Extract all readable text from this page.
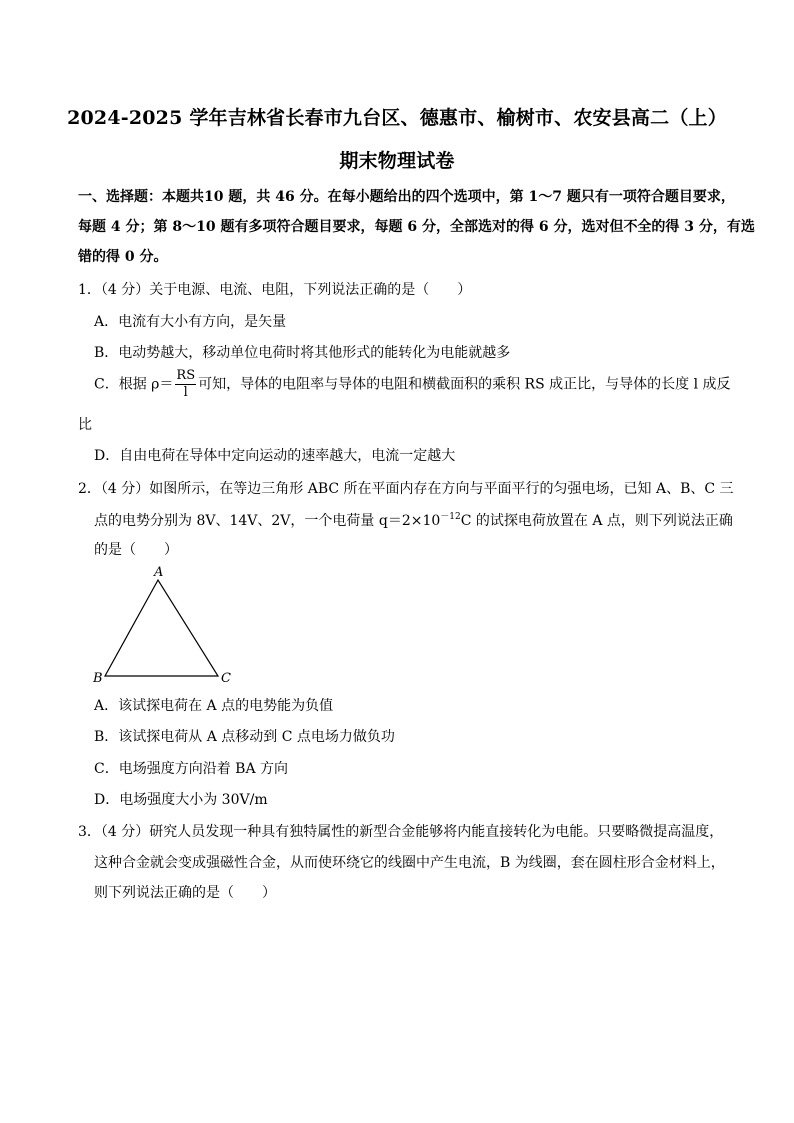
2024-2025 学年吉林省长春市九台区、德惠市、榆树市、农安县高二（上）
期末物理试卷
一、选择题：本题共10 题，共 46 分。在每小题给出的四个选项中，第 1～7 题只有一项符合题目要求，
每题 4 分；第 8～10 题有多项符合题目要求，每题 6 分，全部选对的得 6 分，选对但不全的得 3 分，有选
错的得 0 分。
1．（4 分）关于电源、电流、电阻，下列说法正确的是（　　）
A．电流有大小有方向，是矢量
B．电动势越大，移动单位电荷时将其他形式的能转化为电能就越多
C．根据 $\rho= \frac{RS}{l}$ 可知，导体的电阻率与导体的电阻和横截面积的乘积 RS 成正比，与导体的长度 l 成反
比
D．自由电荷在导体中定向运动的速率越大，电流一定越大
2．（4 分）如图所示，在等边三角形 ABC 所在平面内存在方向与平面平行的匀强电场，已知 A、B、C 三
点的电势分别为 8V、14V、2V，一个电荷量 $q=2\times 10^{-12}C$ 的试探电荷放置在 A 点，则下列说法正确
的是（　　）
A
B	C
A．该试探电荷在 A 点的电势能为负值
B．该试探电荷从 A 点移动到 C 点电场力做负功
C．电场强度方向沿着 BA 方向
D．电场强度大小为 30V/m
3．（4 分）研究人员发现一种具有独特属性的新型合金能够将内能直接转化为电能。只要略微提高温度，
这种合金就会变成强磁性合金，从而使环绕它的线圈中产生电流，B 为线圈，套在圆柱形合金材料上，
则下列说法正确的是（　　）
